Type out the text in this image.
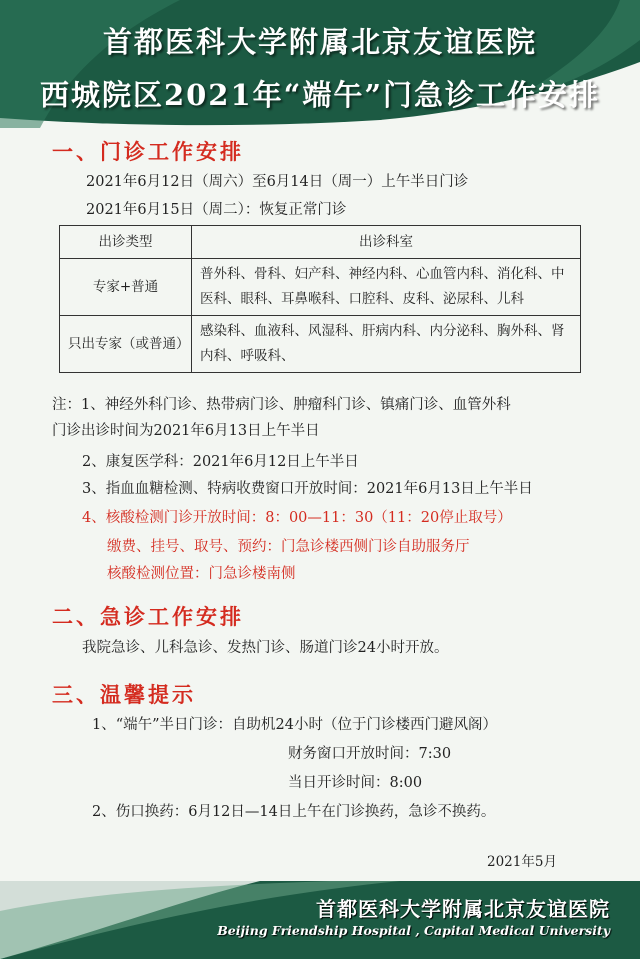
首都医科大学附属北京友谊医院
西城院区2021年“端午”门急诊工作安排
一、门诊工作安排
2021年6月12日（周六）至6月14日（周一）上午半日门诊
2021年6月15日（周二）：恢复正常门诊
出诊类型	出诊科室
专家+普通	普外科、骨科、妇产科、神经内科、心血管内科、消化科、中医科、眼科、耳鼻喉科、口腔科、皮科、泌尿科、儿科
只出专家（或普通）	感染科、血液科、风湿科、肝病内科、内分泌科、胸外科、肾内科、呼吸科、
注：1、神经外科门诊、热带病门诊、肿瘤科门诊、镇痛门诊、血管外科
门诊出诊时间为2021年6月13日上午半日
2、康复医学科：2021年6月12日上午半日
3、指血血糖检测、特病收费窗口开放时间：2021年6月13日上午半日
4、核酸检测门诊开放时间：8：00—11：30（11：20停止取号）
缴费、挂号、取号、预约：门急诊楼西侧门诊自助服务厅
核酸检测位置：门急诊楼南侧
二、急诊工作安排
我院急诊、儿科急诊、发热门诊、肠道门诊24小时开放。
三、温馨提示
1、“端午”半日门诊：自助机24小时（位于门诊楼西门避风阁）
财务窗口开放时间：7:30
当日开诊时间：8:00
2、伤口换药：6月12日—14日上午在门诊换药，急诊不换药。
2021年5月
首都医科大学附属北京友谊医院
Beijing Friendship Hospital , Capital Medical University
